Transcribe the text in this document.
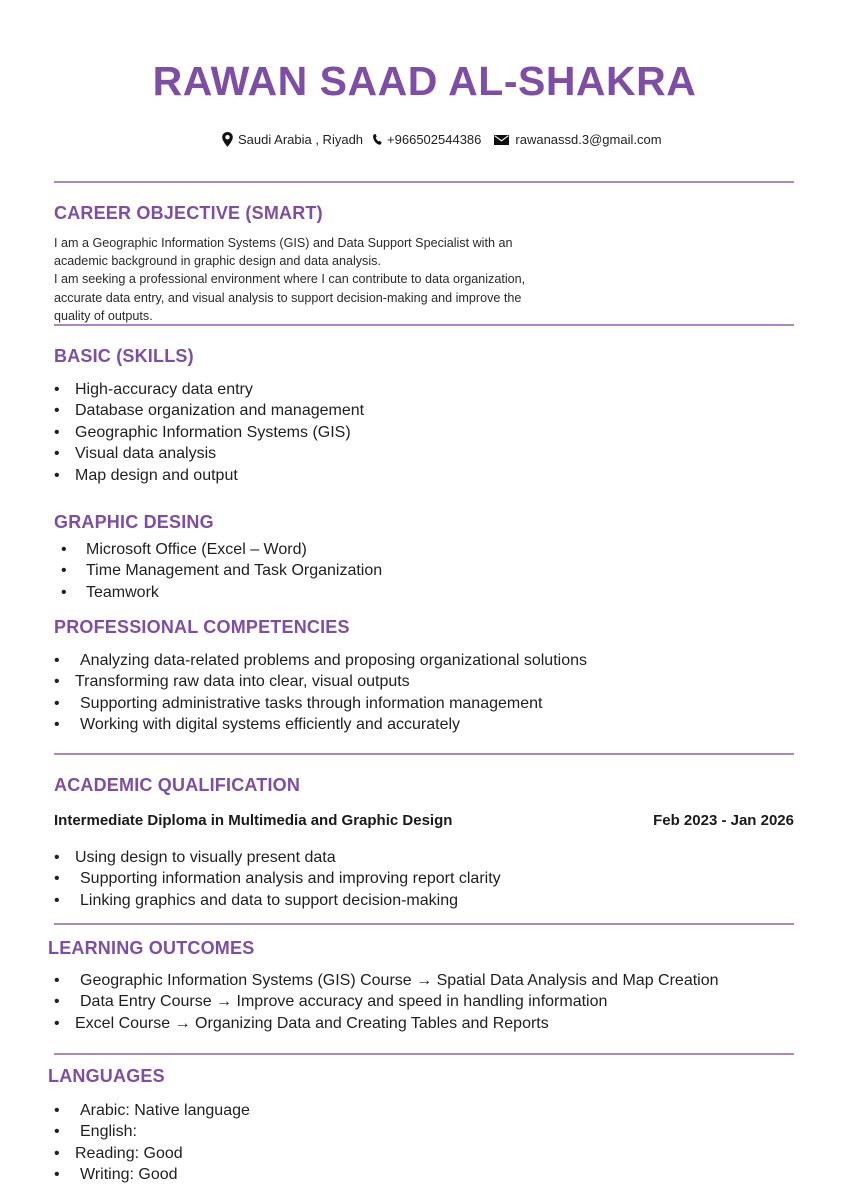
RAWAN SAAD AL-SHAKRA
Saudi Arabia , Riyadh +966502544386	rawanassd.3@gmail.com
CAREER OBJECTIVE (SMART)
I am a Geographic Information Systems (GIS) and Data Support Specialist with an
academic background in graphic design and data analysis.
I am seeking a professional environment where I can contribute to data organization,
accurate data entry, and visual analysis to support decision-making and improve the
quality of outputs.
BASIC (SKILLS)
• High-accuracy data entry
• Database organization and management
• Geographic Information Systems (GIS)
• Visual data analysis
• Map design and output
GRAPHIC DESING
• Microsoft Office (Excel – Word)
• Time Management and Task Organization
• Teamwork
PROFESSIONAL COMPETENCIES
• Analyzing data-related problems and proposing organizational solutions
• Transforming raw data into clear, visual outputs
• Supporting administrative tasks through information management
• Working with digital systems efficiently and accurately
ACADEMIC QUALIFICATION
Intermediate Diploma in Multimedia and Graphic Design	Feb 2023 - Jan 2026
• Using design to visually present data
• Supporting information analysis and improving report clarity
• Linking graphics and data to support decision-making
LEARNING OUTCOMES
• Geographic Information Systems (GIS) Course → Spatial Data Analysis and Map Creation
• Data Entry Course → Improve accuracy and speed in handling information
• Excel Course → Organizing Data and Creating Tables and Reports
LANGUAGES
• Arabic: Native language
• English:
• Reading: Good
• Writing: Good
